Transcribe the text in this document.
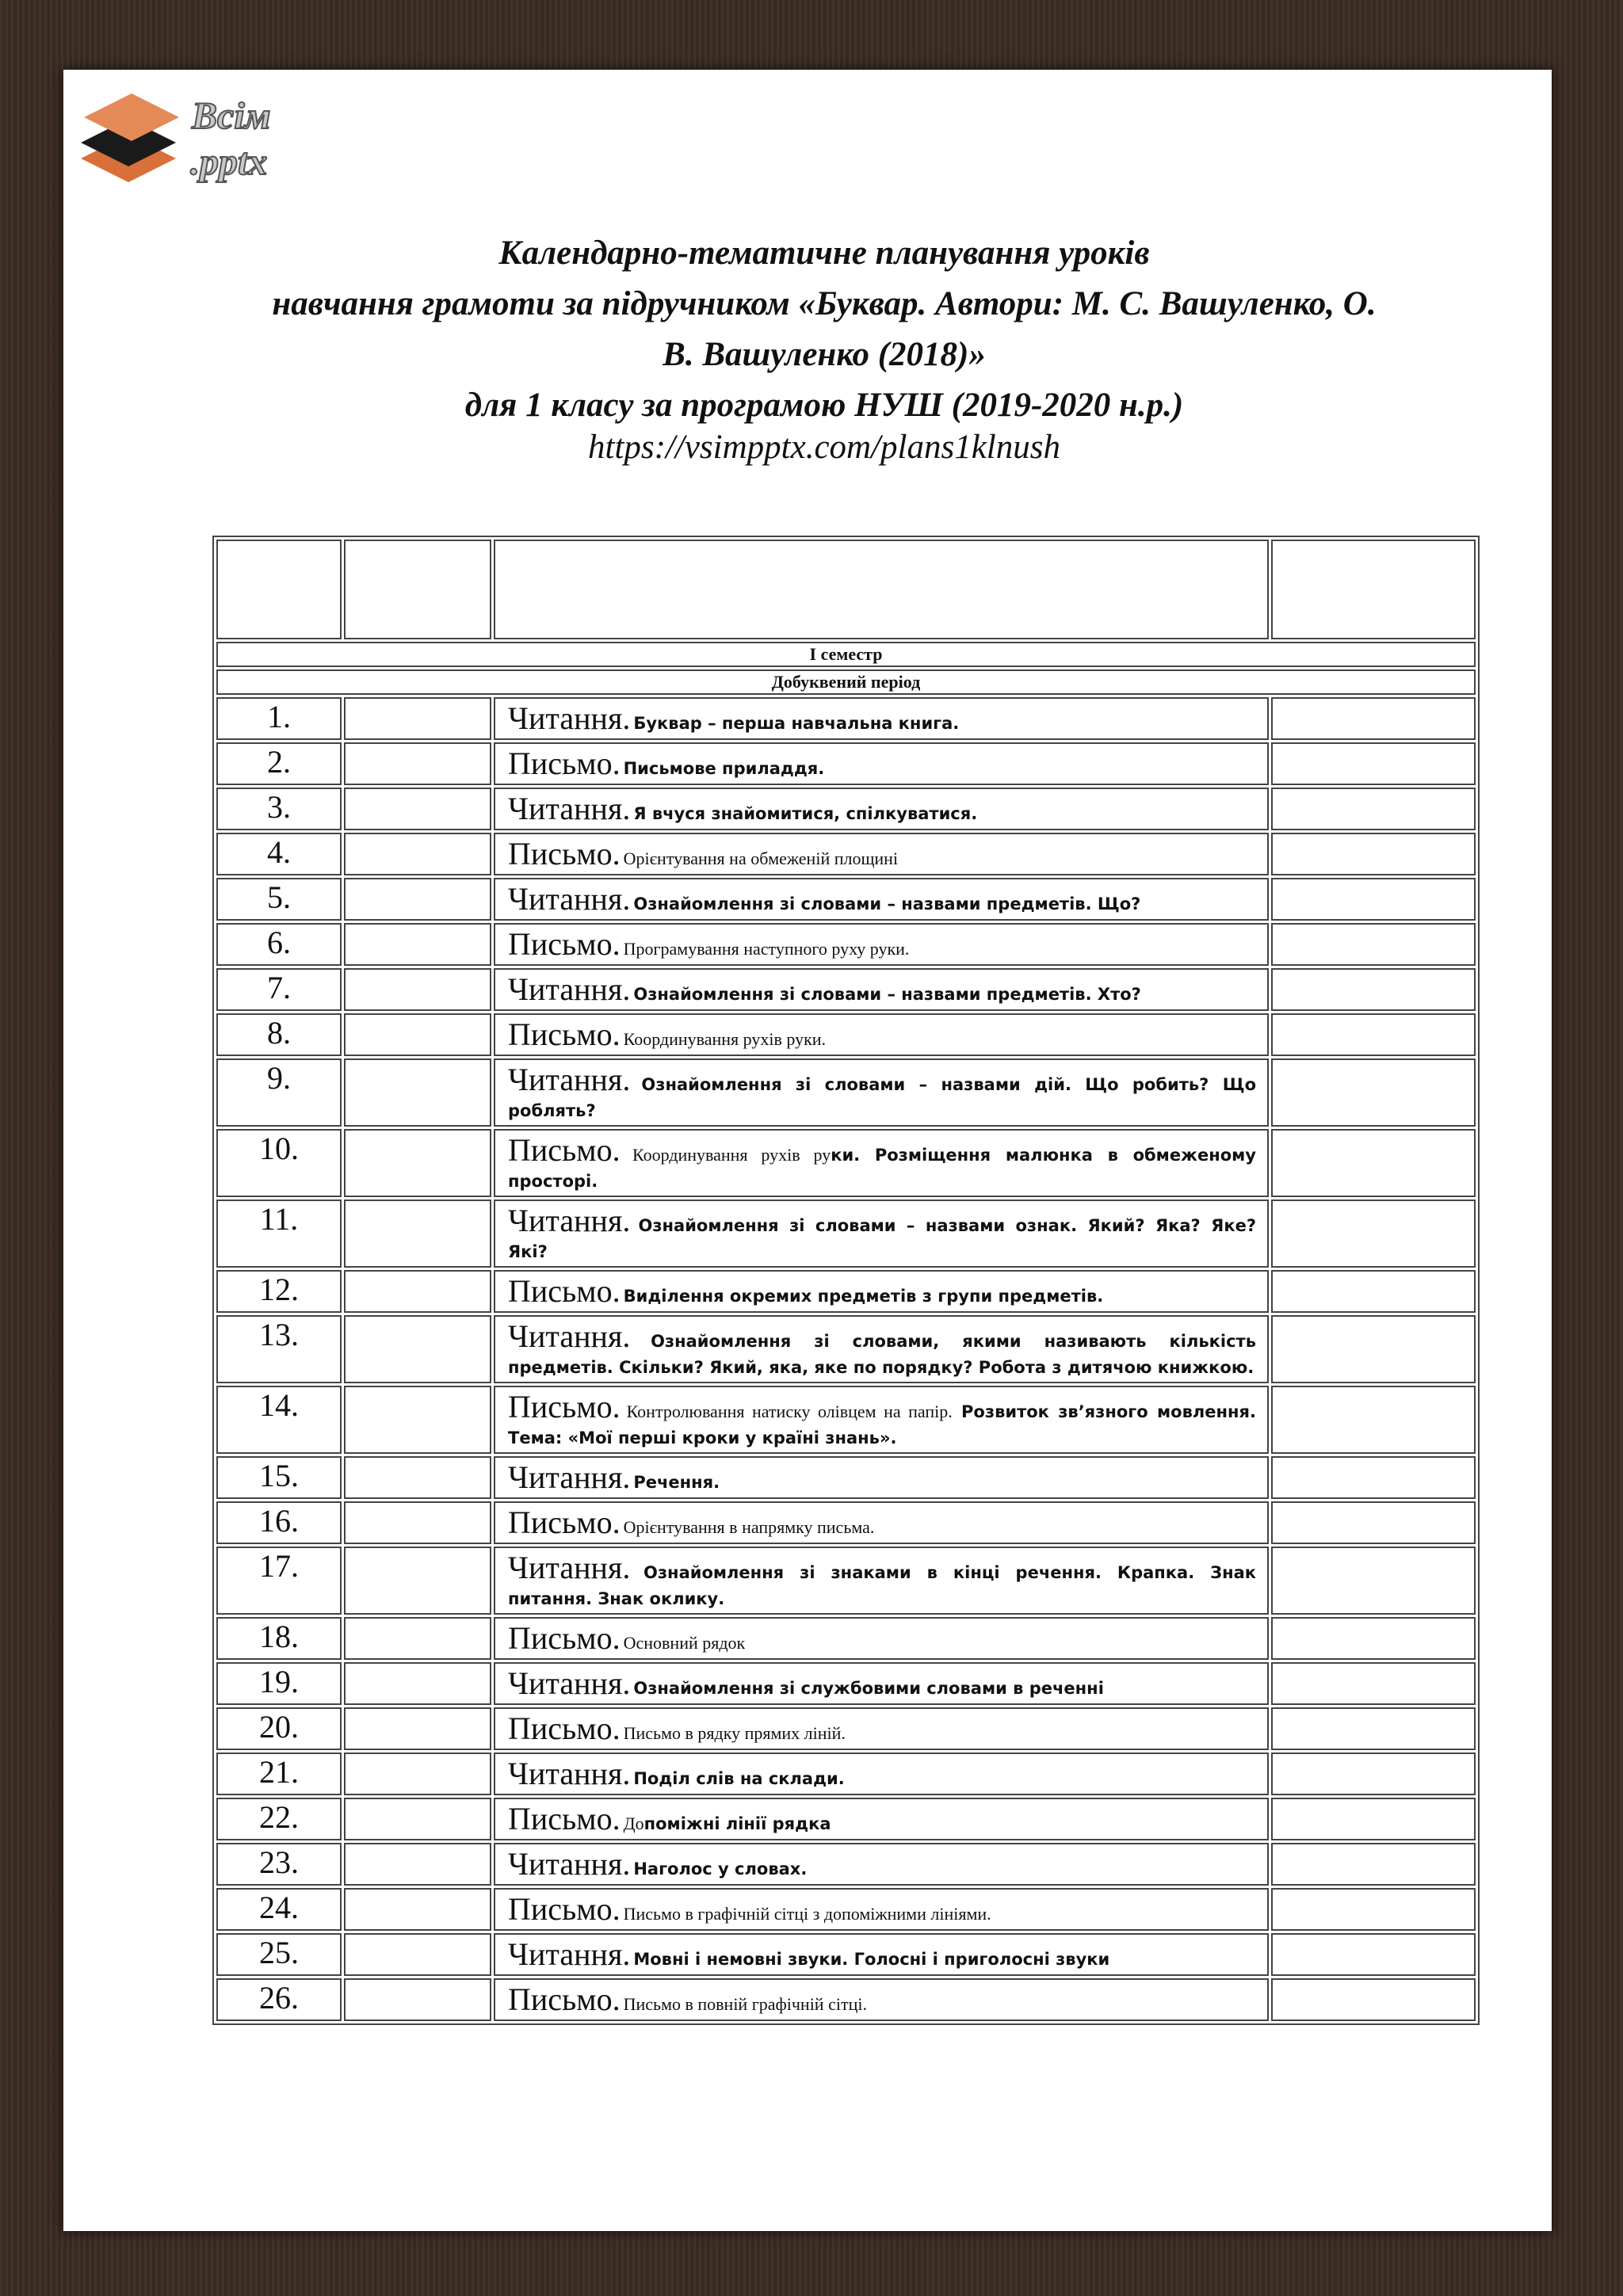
Всім
.pptx
Календарно-тематичне планування уроків
навчання грамоти за підручником «Буквар. Автори: М. С. Вашуленко, О.
В. Вашуленко (2018)»
для 1 класу за програмою НУШ (2019-2020 н.р.)
https://vsimpptx.com/plans1klnush

I семестр			
Добуквений період			
1.		Читання. Буквар – перша навчальна книга.	
2.		Письмо. Письмове приладдя.	
3.		Читання. Я вчуся знайомитися, спілкуватися.	
4.		Письмо. Орієнтування на обмеженій площині	
5.		Читання. Ознайомлення зі словами – назвами предметів. Що?	
6.		Письмо. Програмування наступного руху руки.	
7.		Читання. Ознайомлення зі словами – назвами предметів. Хто?	
8.		Письмо. Координування рухів руки.	
9.		Читання. Ознайомлення зі словами – назвами дій. Що робить? Що роблять?	
10.		Письмо. Координування рухів руки. Розміщення малюнка в обмеженому просторі.	
11.		Читання. Ознайомлення зі словами – назвами ознак. Який? Яка? Яке? Які?	
12.		Письмо. Виділення окремих предметів з групи предметів.	
13.		Читання. Ознайомлення зі словами, якими називають кількість предметів. Скільки? Який, яка, яке по порядку? Робота з дитячою книжкою.	
14.		Письмо. Контролювання натиску олівцем на папір. Розвиток зв’язного мовлення. Тема: «Мої перші кроки у країні знань».	
15.		Читання. Речення.	
16.		Письмо. Орієнтування в напрямку письма.	
17.		Читання. Ознайомлення зі знаками в кінці речення. Крапка. Знак питання. Знак оклику.	
18.		Письмо. Основний рядок	
19.		Читання. Ознайомлення зі службовими словами в реченні	
20.		Письмо. Письмо в рядку прямих ліній.	
21.		Читання. Поділ слів на склади.	
22.		Письмо. Допоміжні лінії рядка	
23.		Читання. Наголос у словах.	
24.		Письмо. Письмо в графічній сітці з допоміжними лініями.	
25.		Читання. Мовні і немовні звуки. Голосні і приголосні звуки	
26.		Письмо. Письмо в повній графічній сітці.	
